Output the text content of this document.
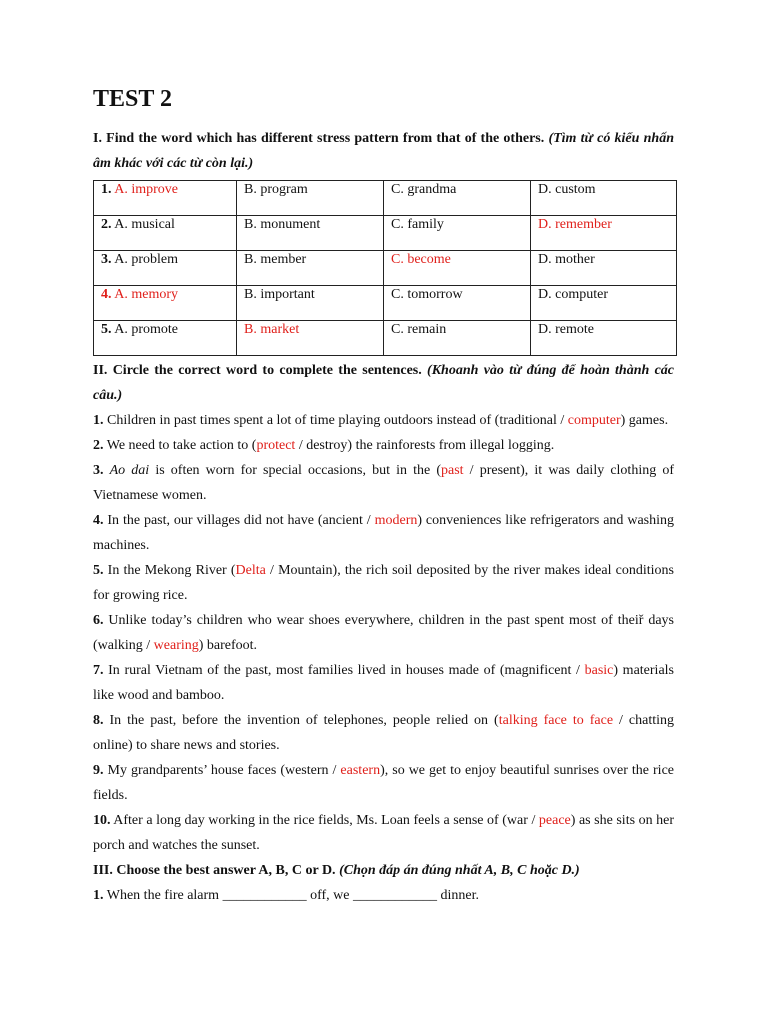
TEST 2

I. Find the word which has different stress pattern from that of the others. (Tìm từ có kiểu nhấn âm khác với các từ còn lại.)

1. A. improve	B. program	C. grandma	D. custom
2. A. musical	B. monument	C. family	D. remember
3. A. problem	B. member	C. become	D. mother
4. A. memory	B. important	C. tomorrow	D. computer
5. A. promote	B. market	C. remain	D. remote

II. Circle the correct word to complete the sentences. (Khoanh vào từ đúng để hoàn thành các câu.)

1. Children in past times spent a lot of time playing outdoors instead of (traditional / computer) games.

2. We need to take action to (protect / destroy) the rainforests from illegal logging.

3. Ao dai is often worn for special occasions, but in the (past / present), it was daily clothing of Vietnamese women.

4. In the past, our villages did not have (ancient / modern) conveniences like refrigerators and washing machines.

5. In the Mekong River (Delta / Mountain), the rich soil deposited by the river makes ideal conditions for growing rice.

6. Unlike today’s children who wear shoes everywhere, children in the past spent most of theiř days (walking / wearing) barefoot.

7. In rural Vietnam of the past, most families lived in houses made of (magnificent / basic) materials like wood and bamboo.

8. In the past, before the invention of telephones, people relied on (talking face to face / chatting online) to share news and stories.

9. My grandparents’ house faces (western / eastern), so we get to enjoy beautiful sunrises over the rice fields.

10. After a long day working in the rice fields, Ms. Loan feels a sense of (war / peace) as she sits on her porch and watches the sunset.

III. Choose the best answer A, B, C or D. (Chọn đáp án đúng nhất A, B, C hoặc D.)

1. When the fire alarm ____________ off, we ____________ dinner.
